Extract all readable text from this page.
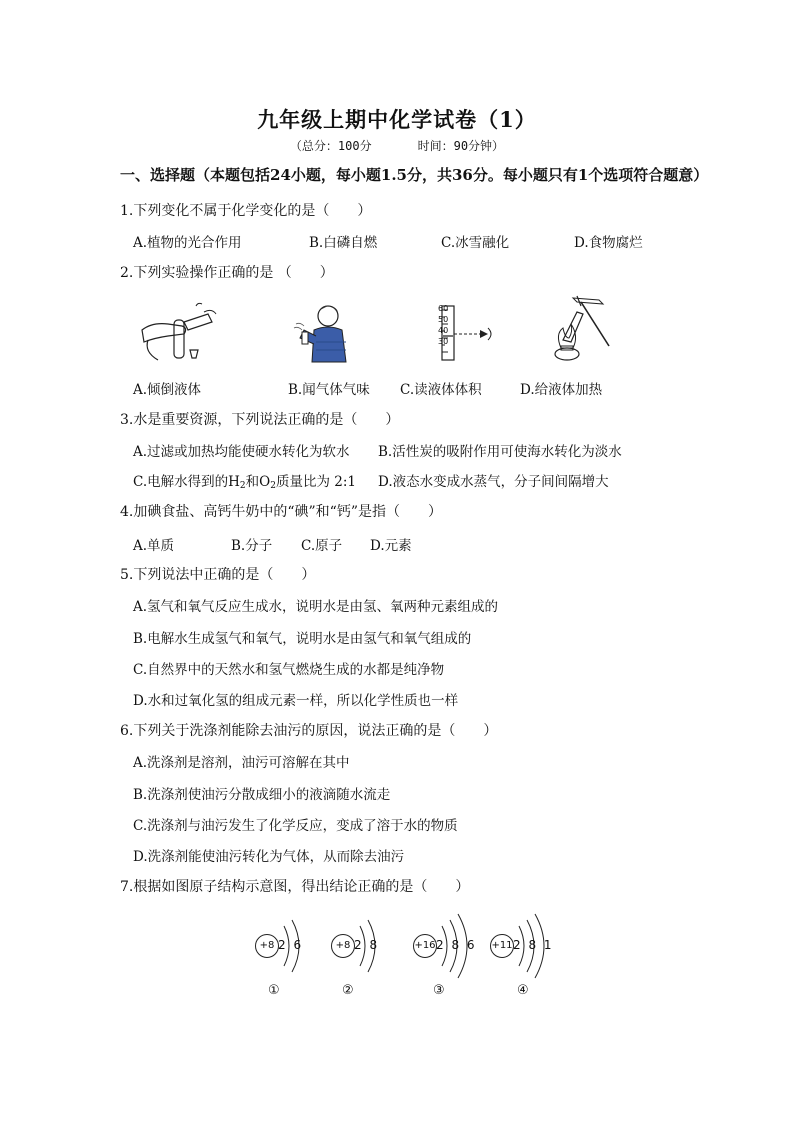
九年级上期中化学试卷（1）
（总分：100分	时间：90分钟）
一、选择题（本题包括24小题，每小题1.5分，共36分。每小题只有1个选项符合题意）
1.下列变化不属于化学变化的是（　　）
A.植物的光合作用	B.白磷自燃	C.冰雪融化	D.食物腐烂
2.下列实验操作正确的是 （　　）
60
50
40
30
A.倾倒液体	B.闻气体气味 C.读液体体积	D.给液体加热
3.水是重要资源，下列说法正确的是（　　）
A.过滤或加热均能使硬水转化为软水 B.活性炭的吸附作用可使海水转化为淡水
C.电解水得到的$H_2$和$O_2$质量比为 2:1 D.液态水变成水蒸气，分子间间隔增大
4.加碘食盐、高钙牛奶中的“碘”和“钙”是指（　　）
A.单质	B.分子 C.原子 D.元素
5.下列说法中正确的是（　　）
A.氢气和氧气反应生成水，说明水是由氢、氧两种元素组成的
B.电解水生成氢气和氧气，说明水是由氢气和氧气组成的
C.自然界中的天然水和氢气燃烧生成的水都是纯净物
D.水和过氧化氢的组成元素一样，所以化学性质也一样
6.下列关于洗涤剂能除去油污的原因，说法正确的是（　　）
A.洗涤剂是溶剂，油污可溶解在其中
B.洗涤剂使油污分散成细小的液滴随水流走
C.洗涤剂与油污发生了化学反应，变成了溶于水的物质
D.洗涤剂能使油污转化为气体，从而除去油污
7.根据如图原子结构示意图，得出结论正确的是（　　）
+8 2 6	+8 2 8	+16 2 8 6 +11 2 8 1
①	②	③	④
